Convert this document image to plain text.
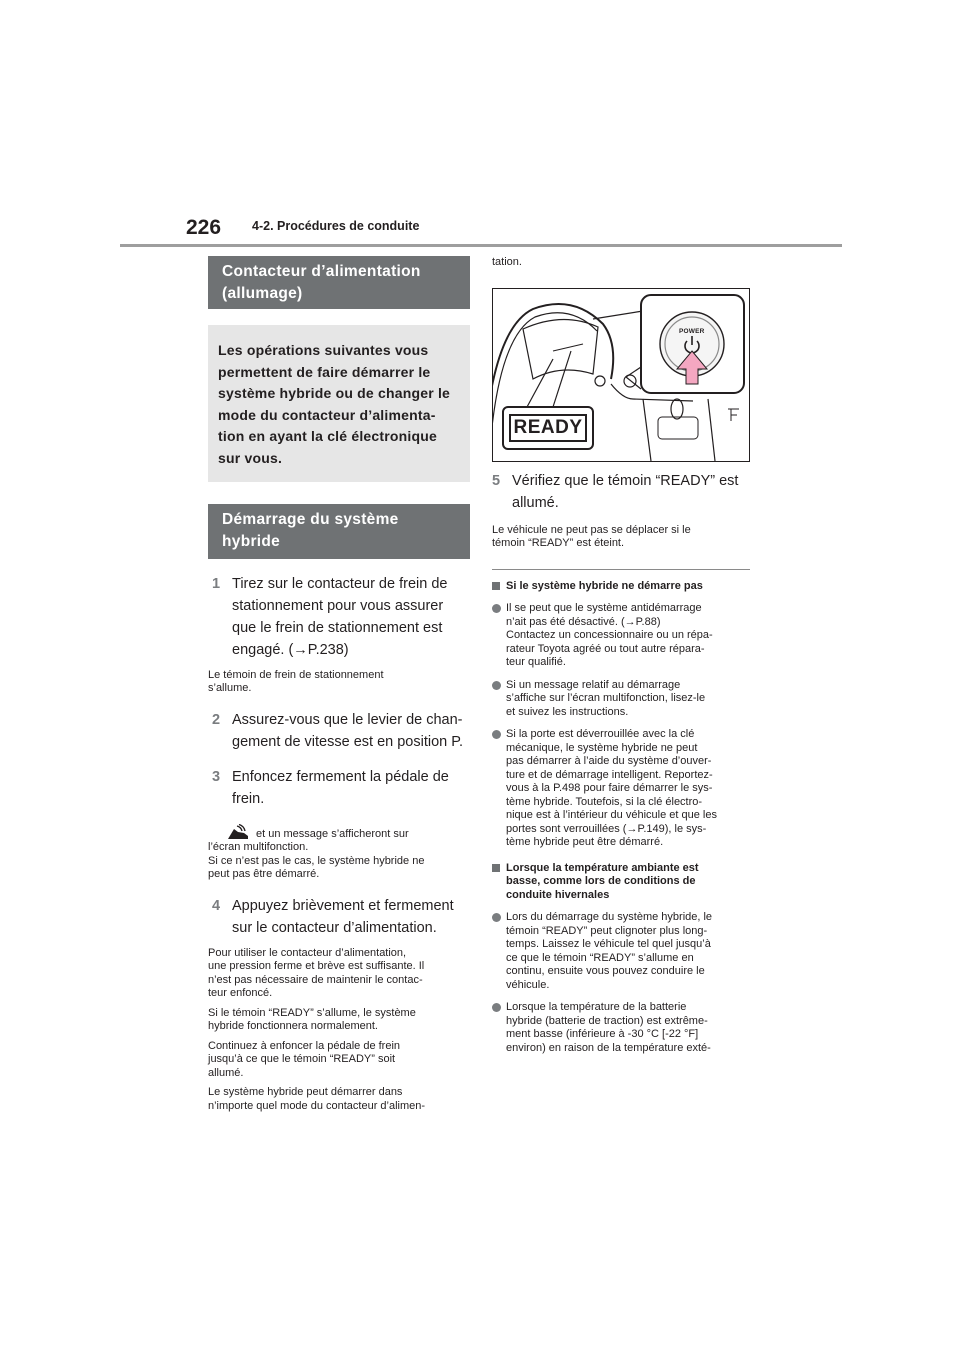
226 4-2. Procédures de conduite
Contacteur d’alimentation
(allumage)
Les opérations suivantes vous
permettent de faire démarrer le
système hybride ou de changer le
mode du contacteur d’alimenta-
tion en ayant la clé électronique
sur vous.
Démarrage du système hybride
1 Tirez sur le contacteur de frein de
stationnement pour vous assurer
que le frein de stationnement est
engagé. (→P.238)
Le témoin de frein de stationnement
s’allume.
2 Assurez-vous que le levier de chan-
gement de vitesse est en position P.
3 Enfoncez fermement la pédale de
frein.
et un message s’afficheront sur
l’écran multifonction.
Si ce n’est pas le cas, le système hybride ne
peut pas être démarré.
4 Appuyez brièvement et fermement
sur le contacteur d’alimentation.

Pour utiliser le contacteur d’alimentation,
une pression ferme et brève est suffisante. Il
n’est pas nécessaire de maintenir le contac-
teur enfoncé.

Si le témoin “READY” s’allume, le système
hybride fonctionnera normalement.

Continuez à enfoncer la pédale de frein
jusqu’à ce que le témoin “READY” soit
allumé.

Le système hybride peut démarrer dans
n’importe quel mode du contacteur d’alimen-

tation.
POWER
READY
5 Vérifiez que le témoin “READY” est
allumé.
Le véhicule ne peut pas se déplacer si le
témoin “READY” est éteint.
Si le système hybride ne démarre pas
Il se peut que le système antidémarrage
n’ait pas été désactivé. (→P.88)
Contactez un concessionnaire ou un répa-
rateur Toyota agréé ou tout autre répara-
teur qualifié.
Si un message relatif au démarrage
s’affiche sur l’écran multifonction, lisez-le
et suivez les instructions.
Si la porte est déverrouillée avec la clé
mécanique, le système hybride ne peut
pas démarrer à l’aide du système d’ouver-
ture et de démarrage intelligent. Reportez-
vous à la P.498 pour faire démarrer le sys-
tème hybride. Toutefois, si la clé électro-
nique est à l’intérieur du véhicule et que les
portes sont verrouillées (→P.149), le sys-
tème hybride peut être démarré.
Lorsque la température ambiante est
basse, comme lors de conditions de
conduite hivernales
Lors du démarrage du système hybride, le
témoin “READY” peut clignoter plus long-
temps. Laissez le véhicule tel quel jusqu’à
ce que le témoin “READY” s’allume en
continu, ensuite vous pouvez conduire le
véhicule.
Lorsque la température de la batterie
hybride (batterie de traction) est extrême-
ment basse (inférieure à -30 °C [-22 °F]
environ) en raison de la température exté-
